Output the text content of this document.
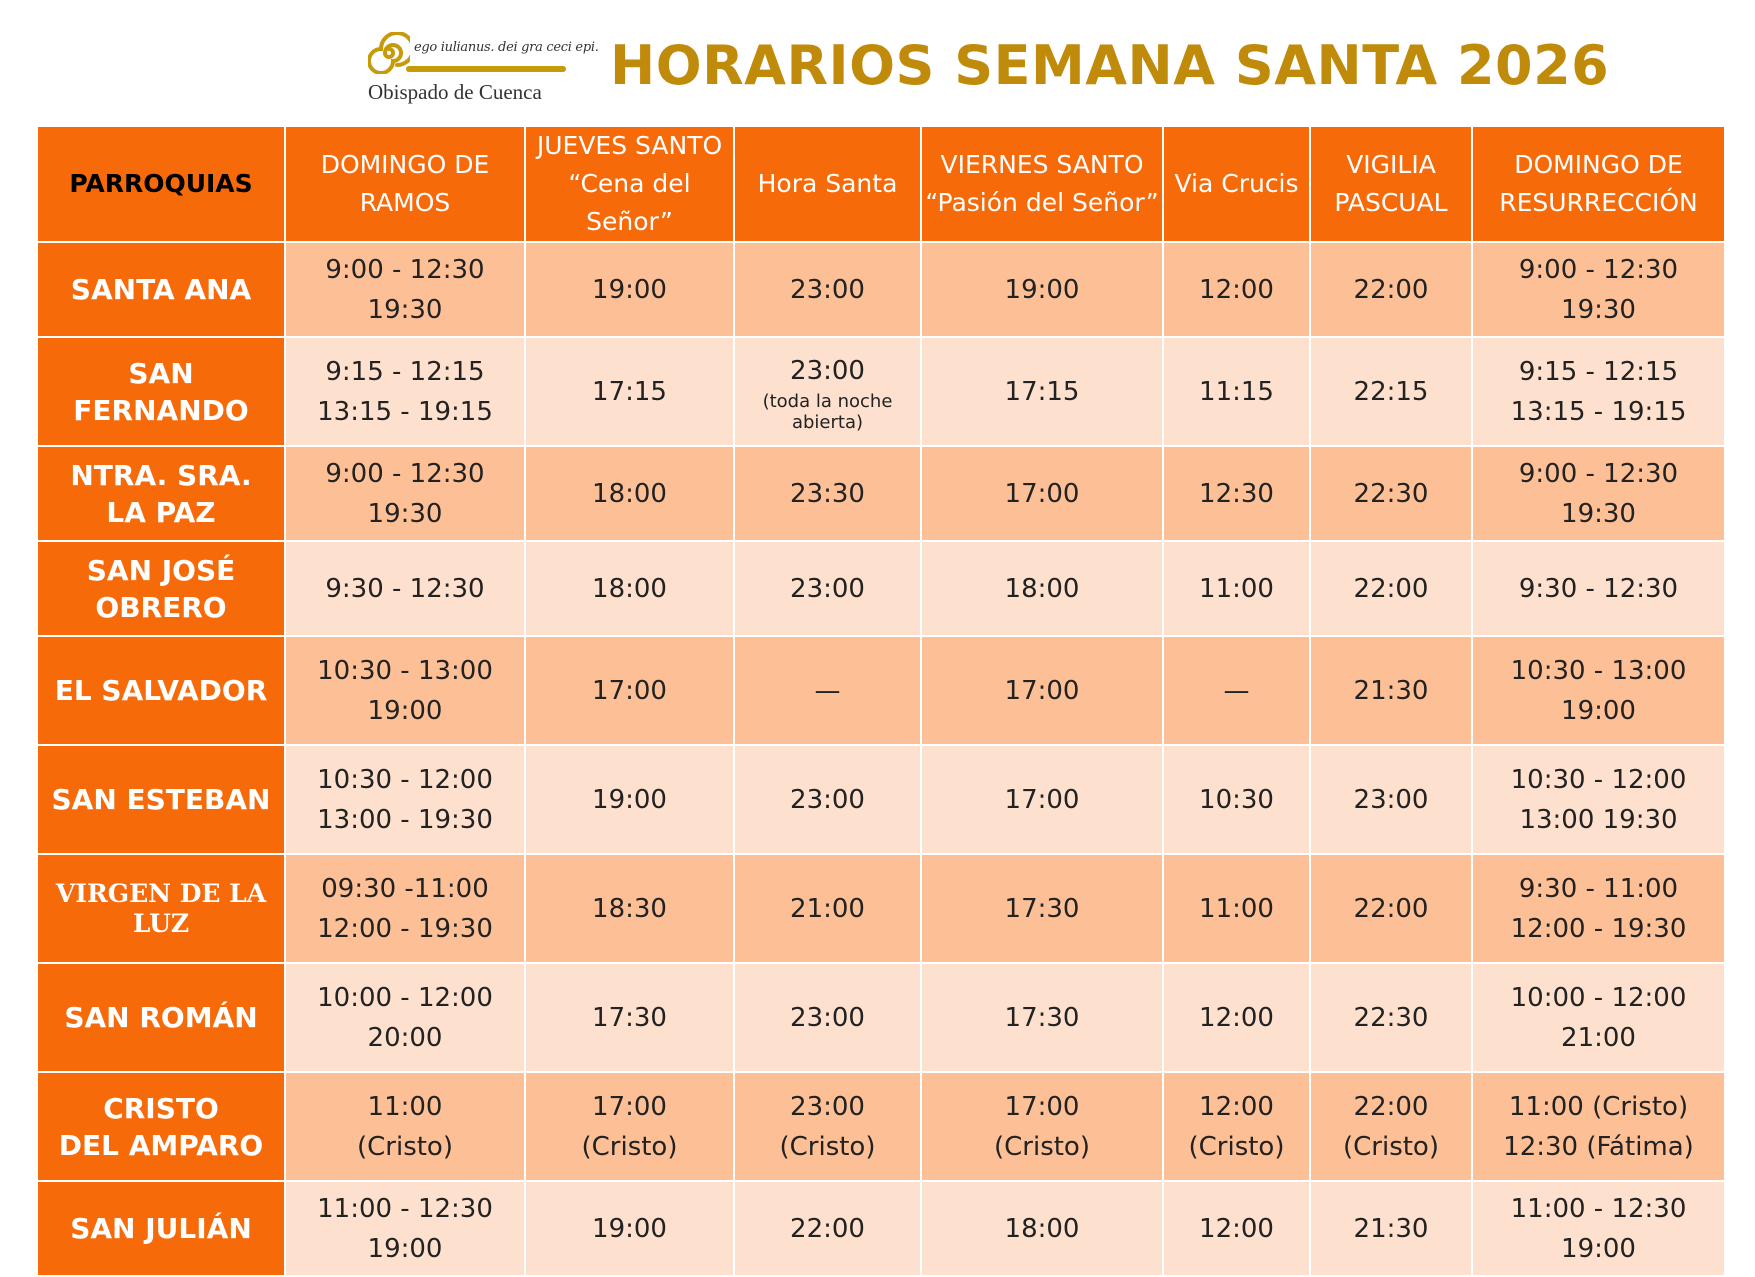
ego iulianus. dei gra ceci epi.
Obispado de Cuenca HORARIOS SEMANA SANTA 2026
PARROQUIAS	DOMINGO DE
RAMOS	JUEVES SANTO
“Cena del Señor”	Hora Santa	VIERNES SANTO
“Pasión del Señor”	Via Crucis	VIGILIA
PASCUAL	DOMINGO DE
RESURRECCIÓN

SANTA ANA	9:00 - 12:30
19:30	19:00	23:00	19:00	12:00	22:00	9:00 - 12:30
19:30

SAN FERNANDO	9:15 - 12:15
13:15 - 19:15	17:15	23:00
(toda la noche abierta)	17:15	11:15	22:15	9:15 - 12:15
13:15 - 19:15

NTRA. SRA.
LA PAZ	9:00 - 12:30
19:30	18:00	23:30	17:00	12:30	22:30	9:00 - 12:30
19:30

SAN JOSÉ
OBRERO	9:30 - 12:30	18:00	23:00	18:00	11:00	22:00	9:30 - 12:30

EL SALVADOR	10:30 - 13:00
19:00	17:00	—	17:00	—	21:30	10:30 - 13:00
19:00

SAN ESTEBAN	10:30 - 12:00
13:00 - 19:30	19:00	23:00	17:00	10:30	23:00	10:30 - 12:00
13:00 19:30

VIRGEN DE LA
LUZ	09:30 -11:00
12:00 - 19:30	18:30	21:00	17:30	11:00	22:00	9:30 - 11:00
12:00 - 19:30

SAN ROMÁN	10:00 - 12:00
20:00	17:30	23:00	17:30	12:00	22:30	10:00 - 12:00
21:00

CRISTO
DEL AMPARO	11:00
(Cristo)	17:00
(Cristo)	23:00
(Cristo)	17:00
(Cristo)	12:00
(Cristo)	22:00
(Cristo)	11:00 (Cristo)
12:30 (Fátima)

SAN JULIÁN	11:00 - 12:30
19:00	19:00	22:00	18:00	12:00	21:30	11:00 - 12:30
19:00
